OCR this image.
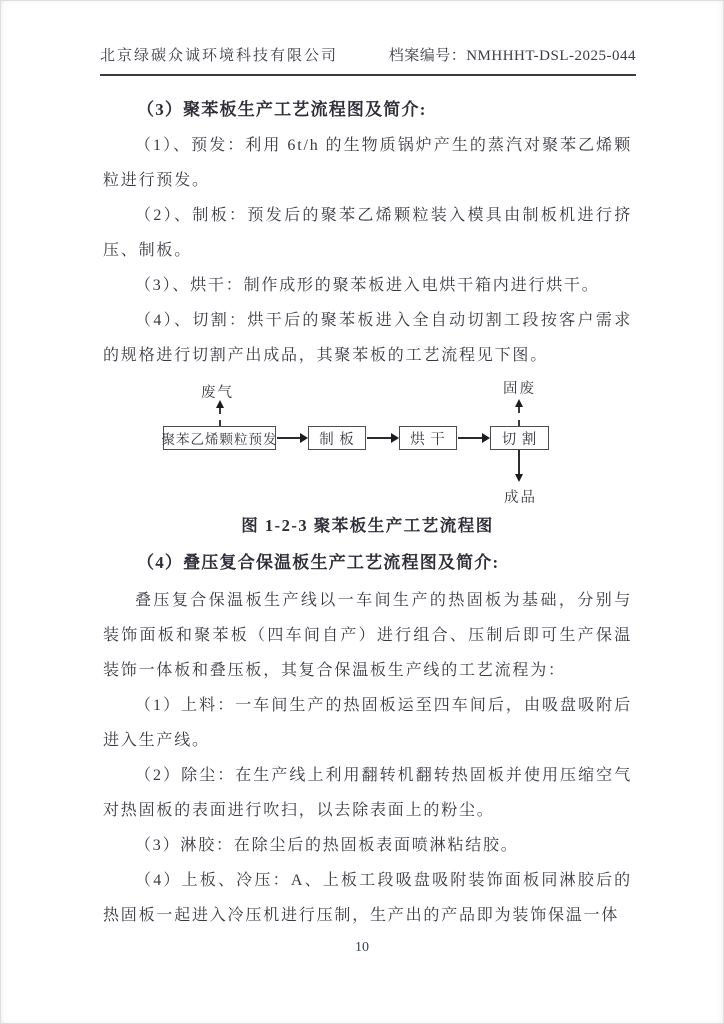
北京绿碳众诚环境科技有限公司	档案编号：NMHHHT-DSL-2025-044
（3）聚苯板生产工艺流程图及简介:
（1）、预发：利用 6t/h 的生物质锅炉产生的蒸汽对聚苯乙烯颗粒进行预发。
（2）、制板：预发后的聚苯乙烯颗粒装入模具由制板机进行挤压、制板。
（3）、烘干：制作成形的聚苯板进入电烘干箱内进行烘干。
（4）、切割：烘干后的聚苯板进入全自动切割工段按客户需求的规格进行切割产出成品，其聚苯板的工艺流程见下图。
废气
聚苯乙烯颗粒预发	制 板	烘 干
固废
切 割
成品
图 1-2-3 聚苯板生产工艺流程图
（4）叠压复合保温板生产工艺流程图及简介:
叠压复合保温板生产线以一车间生产的热固板为基础，分别与装饰面板和聚苯板（四车间自产）进行组合、压制后即可生产保温装饰一体板和叠压板，其复合保温板生产线的工艺流程为：
（1）上料：一车间生产的热固板运至四车间后，由吸盘吸附后进入生产线。
（2）除尘：在生产线上利用翻转机翻转热固板并使用压缩空气对热固板的表面进行吹扫，以去除表面上的粉尘。
（3）淋胶：在除尘后的热固板表面喷淋粘结胶。
（4）上板、冷压：A、上板工段吸盘吸附装饰面板同淋胶后的热固板一起进入冷压机进行压制，生产出的产品即为装饰保温一体
10
